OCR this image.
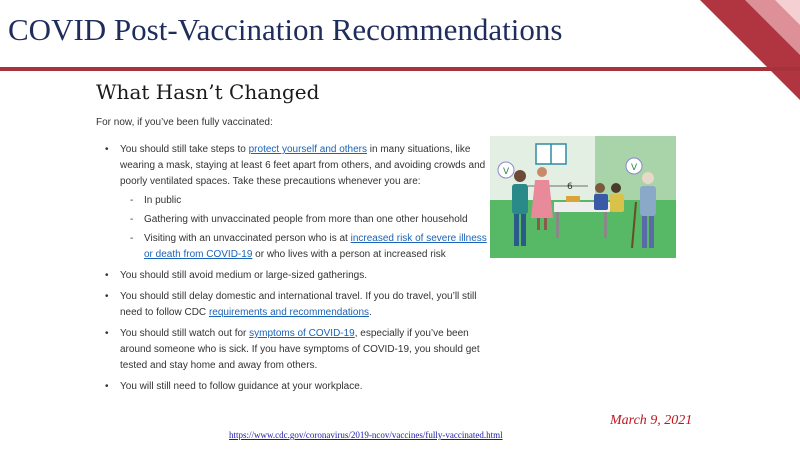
COVID Post-Vaccination Recommendations
What Hasn’t Changed

For now, if you’ve been fully vaccinated:

• You should still take steps to protect yourself and others in many situations, like wearing a mask, staying at least 6 feet apart from others, and avoiding crowds and poorly ventilated spaces. Take these precautions whenever you are:
- In public
- Gathering with unvaccinated people from more than one other household
- Visiting with an unvaccinated person who is at increased risk of severe illness or death from COVID-19 or who lives with a person at increased risk
• You should still avoid medium or large-sized gatherings.
• You should still delay domestic and international travel. If you do travel, you’ll still need to follow CDC requirements and recommendations.
• You should still watch out for symptoms of COVID-19, especially if you’ve been around someone who is sick. If you have symptoms of COVID-19, you should get tested and stay home and away from others.
• You will still need to follow guidance at your workplace.
V	V
6
March 9, 2021
https://www.cdc.gov/coronavirus/2019-ncov/vaccines/fully-vaccinated.html
